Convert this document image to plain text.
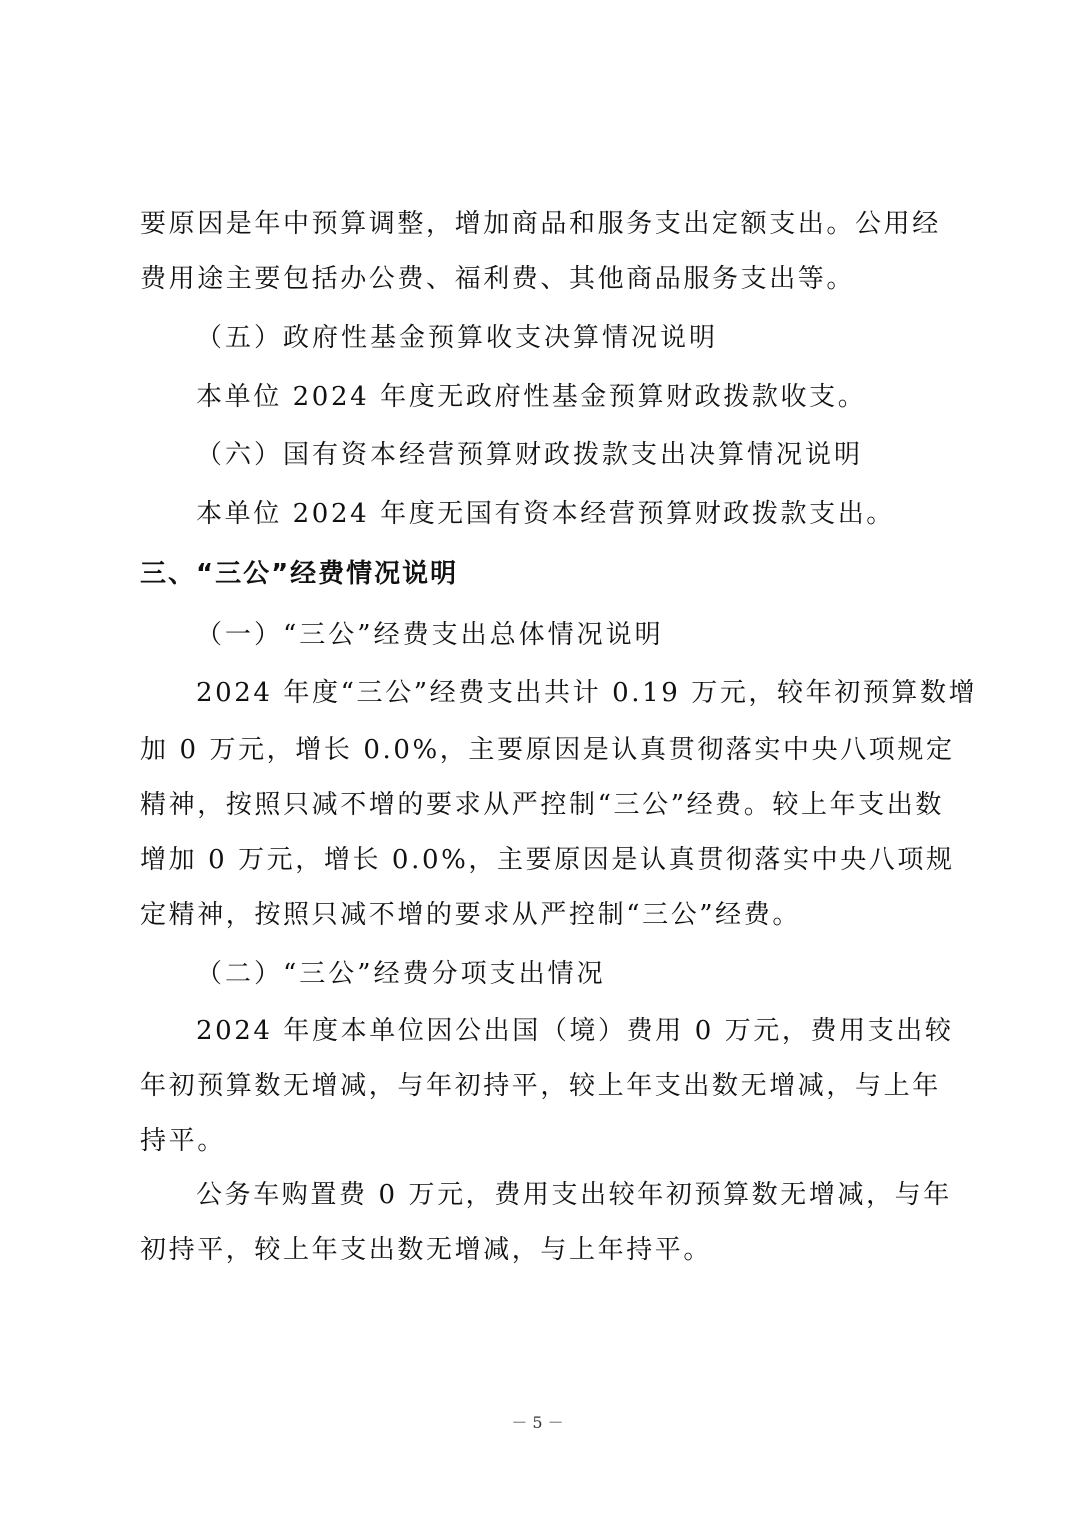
要原因是年中预算调整，增加商品和服务支出定额支出。公用经
费用途主要包括办公费、福利费、其他商品服务支出等。
（五）政府性基金预算收支决算情况说明
本单位 2024 年度无政府性基金预算财政拨款收支。
（六）国有资本经营预算财政拨款支出决算情况说明
本单位 2024 年度无国有资本经营预算财政拨款支出。
三、“三公”经费情况说明
（一）“三公”经费支出总体情况说明
2024 年度“三公”经费支出共计 0.19 万元，较年初预算数增
加 0 万元，增长 0.0%，主要原因是认真贯彻落实中央八项规定
精神，按照只减不增的要求从严控制“三公”经费。较上年支出数
增加 0 万元，增长 0.0%，主要原因是认真贯彻落实中央八项规
定精神，按照只减不增的要求从严控制“三公”经费。
（二）“三公”经费分项支出情况
2024 年度本单位因公出国（境）费用 0 万元，费用支出较
年初预算数无增减，与年初持平，较上年支出数无增减，与上年
持平。
公务车购置费 0 万元，费用支出较年初预算数无增减，与年
初持平，较上年支出数无增减，与上年持平。
－ 5 －
